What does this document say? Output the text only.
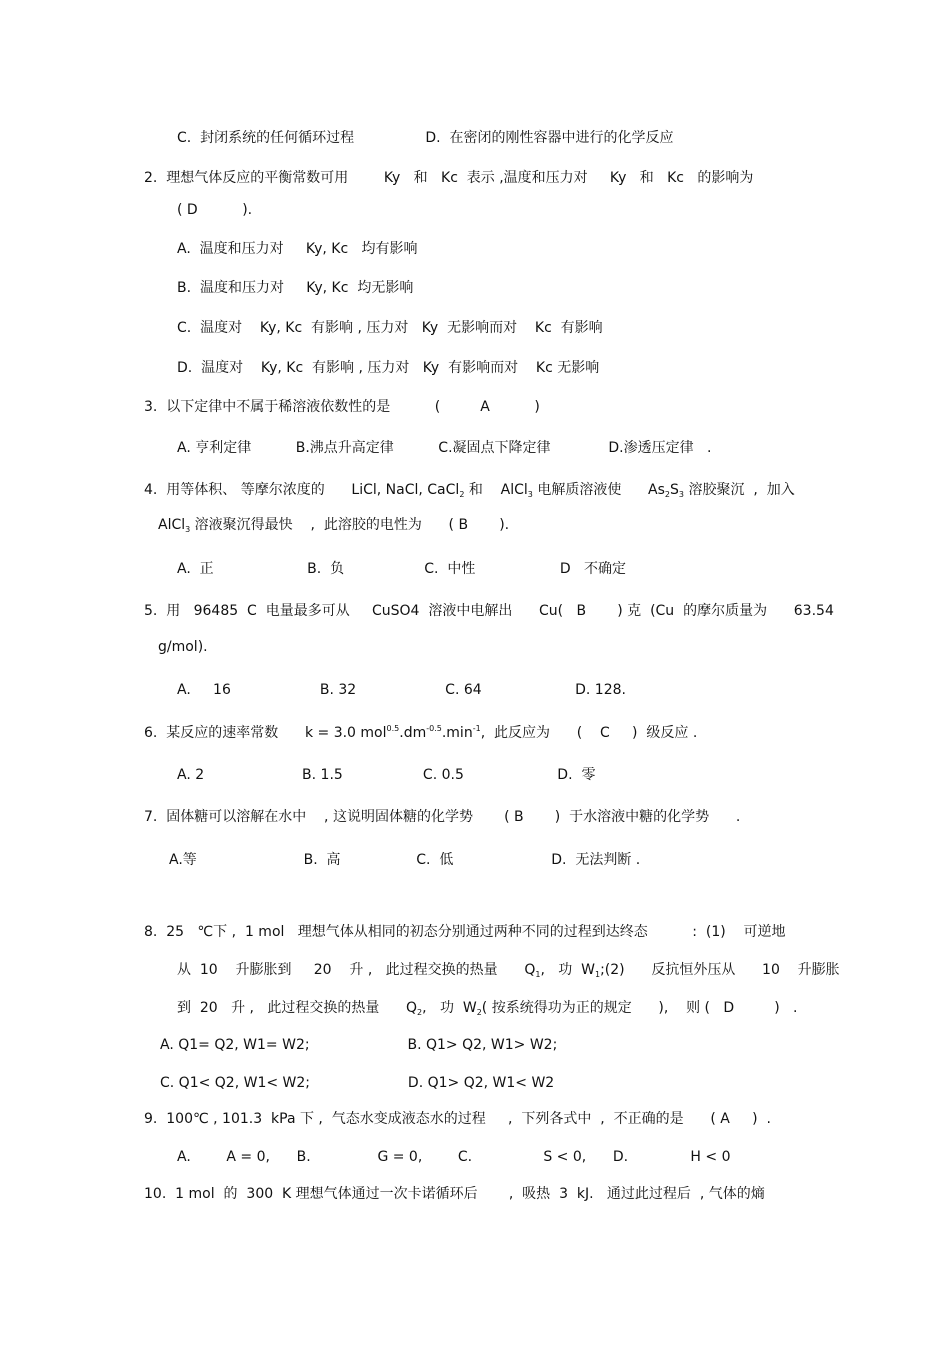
C.  封闭系统的任何循环过程                D.  在密闭的刚性容器中进行的化学反应
2.  理想气体反应的平衡常数可用        Ky   和   Kc  表示 ,温度和压力对     Ky   和   Kc   的影响为
( D          ).
A.  温度和压力对     Ky, Kc   均有影响
B.  温度和压力对     Ky, Kc  均无影响
C.  温度对    Ky, Kc  有影响 , 压力对   Ky  无影响而对    Kc  有影响
D.  温度对    Ky, Kc  有影响 , 压力对   Ky  有影响而对    Kc 无影响
3.  以下定律中不属于稀溶液依数性的是          (         A          )
A. 亨利定律          B.沸点升高定律          C.凝固点下降定律             D.渗透压定律   .
4.  用等体积、 等摩尔浓度的      LiCl, NaCl, CaCl$_2$ 和    AlCl$_3$ 电解质溶液使      $As_2S_3$ 溶胶聚沉  ,  加入
AlCl$_3$ 溶液聚沉得最快    ,  此溶胶的电性为      ( B       ).
A.  正                     B.  负                  C.  中性                   D   不确定
5.  用   96485  C  电量最多可从     CuSO4  溶液中电解出      Cu(   B       ) 克  (Cu  的摩尔质量为      63.54
g/mol).
A.     16                    B. 32                    C. 64                     D. 128.
6.  某反应的速率常数      k = 3.0 $mol^{0.5}.dm^{-0.5}.\min^{-1}$,  此反应为      (    C     )  级反应 .
A. 2                      B. 1.5                  C. 0.5                     D.  零
7.  固体糖可以溶解在水中    , 这说明固体糖的化学势       ( B       )  于水溶液中糖的化学势      .
A.等                        B.  高                 C.  低                      D.  无法判断 .
8.  25   ℃下 ,  1 mol   理想气体从相同的初态分别通过两种不同的过程到达终态          :  (1)    可逆地
从  10    升膨胀到     20    升 ,   此过程交换的热量      $Q_1$,   功  $W_1;(2)$      反抗恒外压从      10    升膨胀
到  20   升 ,   此过程交换的热量      $Q_2$,   功  $W_2$( 按系统得功为正的规定      ),    则 (   D         )   .
A. Q1= Q2, W1= W2;                      B. Q1> Q2, W1> W2;
C. Q1< Q2, W1< W2;                      D. Q1> Q2, W1< W2
9.  100℃ , 101.3  kPa 下 ,  气态水变成液态水的过程     ,  下列各式中  ,  不正确的是      ( A     )  .
A.        A = 0,      B.               G = 0,        C.                S < 0,      D.              H < 0
10.  1 mol  的  300  K 理想气体通过一次卡诺循环后       ,  吸热  3  kJ.   通过此过程后  , 气体的熵
